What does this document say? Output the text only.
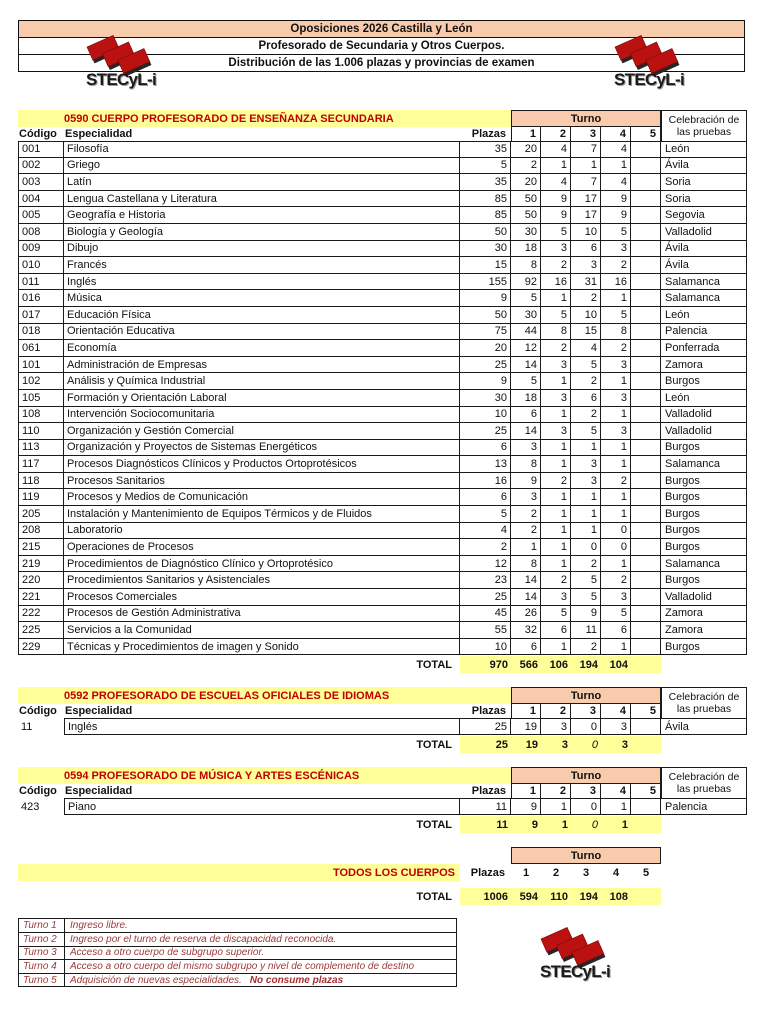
Oposiciones 2026 Castilla y León
Profesorado de Secundaria y Otros Cuerpos.
Distribución de las 1.006 plazas y provincias de examen
STECyL-i	STECyL-i
STECyL-i
0590 CUERPO PROFESORADO DE ENSEÑANZA SECUNDARIA	Turno	Celebración de
las pruebas
Código Especialidad	Plazas	1	2	3	4	5
001	Filosofía	35	20	4	7	4	León
002	Griego	5	2	1	1	1	Ávila
003	Latín	35	20	4	7	4	Soria
004	Lengua Castellana y Literatura	85	50	9	17	9	Soria
005	Geografía e Historia	85	50	9	17	9	Segovia
008	Biología y Geología	50	30	5	10	5	Valladolid
009	Dibujo	30	18	3	6	3	Ávila
010	Francés	15	8	2	3	2	Ávila
011	Inglés	155	92	16	31	16	Salamanca
016	Música	9	5	1	2	1	Salamanca
017	Educación Física	50	30	5	10	5	León
018	Orientación Educativa	75	44	8	15	8	Palencia
061	Economía	20	12	2	4	2	Ponferrada
101	Administración de Empresas	25	14	3	5	3	Zamora
102	Análisis y Química Industrial	9	5	1	2	1	Burgos
105	Formación y Orientación Laboral	30	18	3	6	3	León
108	Intervención Sociocomunitaria	10	6	1	2	1	Valladolid
110	Organización y Gestión Comercial	25	14	3	5	3	Valladolid
113	Organización y Proyectos de Sistemas Energéticos	6	3	1	1	1	Burgos
117	Procesos Diagnósticos Clínicos y Productos Ortoprotésicos	13	8	1	3	1	Salamanca
118	Procesos Sanitarios	16	9	2	3	2	Burgos
119	Procesos y Medios de Comunicación	6	3	1	1	1	Burgos
205	Instalación y Mantenimiento de Equipos Térmicos y de Fluidos	5	2	1	1	1	Burgos
208	Laboratorio	4	2	1	1	0	Burgos
215	Operaciones de Procesos	2	1	1	0	0	Burgos
219	Procedimientos de Diagnóstico Clínico y Ortoprotésico	12	8	1	2	1	Salamanca
220	Procedimientos Sanitarios y Asistenciales	23	14	2	5	2	Burgos
221	Procesos Comerciales	25	14	3	5	3	Valladolid
222	Procesos de Gestión Administrativa	45	26	5	9	5	Zamora
225	Servicios a la Comunidad	55	32	6	11	6	Zamora
229	Técnicas y Procedimientos de imagen y Sonido	10	6	1	2	1	Burgos
TOTAL	970	566	106	194	104
0592 PROFESORADO DE ESCUELAS OFICIALES DE IDIOMAS	Turno	Celebración de
las pruebas
Código Especialidad	Plazas	1	2	3	4	5
11	Inglés	25	19	3	0	3	Ávila
TOTAL	25	19	3	0	3
0594 PROFESORADO DE MÚSICA Y ARTES ESCÉNICAS	Turno	Celebración de
las pruebas
Código Especialidad	Plazas	1	2	3	4	5
423	Piano	11	9	1	0	1	Palencia
TOTAL	11	9	1	0	1
Turno
TODOS LOS CUERPOS	Plazas	1	2	3	4	5
TOTAL	1006	594	110	194	108
Turno 1	Ingreso libre.
Turno 2	Ingreso por el turno de reserva de discapacidad reconocida.
Turno 3	Acceso a otro cuerpo de subgrupo superior.
Turno 4	Acceso a otro cuerpo del mismo subgrupo y nivel de complemento de destino
Turno 5	Adquisición de nuevas especialidades. No consume plazas
